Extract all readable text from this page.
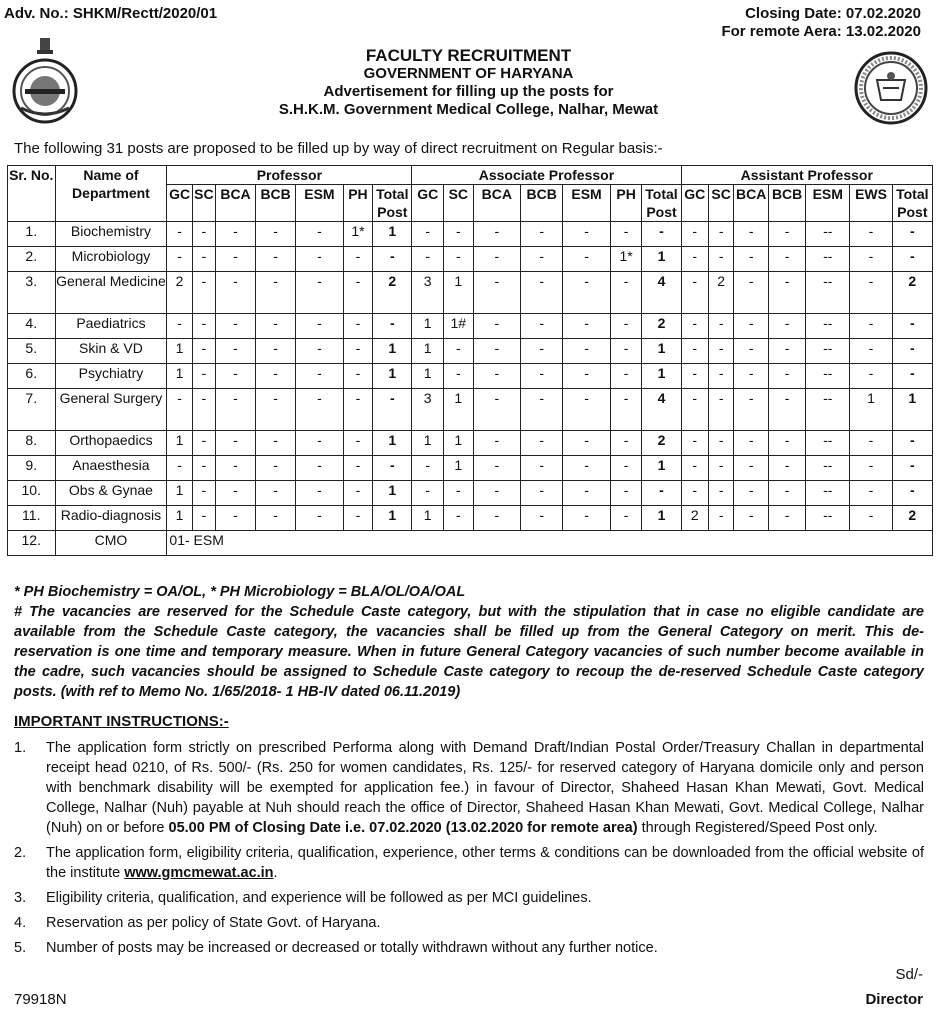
Adv. No.: SHKM/Rectt/2020/01	Closing Date: 07.02.2020
For remote Aera: 13.02.2020
FACULTY RECRUITMENT
GOVERNMENT OF HARYANA
Advertisement for filling up the posts for
S.H.K.M. Government Medical College, Nalhar, Mewat
The following 31 posts are proposed to be filled up by way of direct recruitment on Regular basis:-
Sr. No.	Name of Department	Professor							Associate Professor							Assistant Professor						
		GC	SC	BCA	BCB	ESM	PH	Total Post	GC	SC	BCA	BCB	ESM	PH	Total Post	GC	SC	BCA	BCB	ESM	EWS	Total Post
1.	Biochemistry	-	-	-	-	-	1*	1	-	-	-	-	-	-	-	-	-	-	-	--	-	-
2.	Microbiology	-	-	-	-	-	-	-	-	-	-	-	-	1*	1	-	-	-	-	--	-	-
3.	General Medicine	2	-	-	-	-	-	2	3	1	-	-	-	-	4	-	2	-	-	--	-	2
4.	Paediatrics	-	-	-	-	-	-	-	1	1#	-	-	-	-	2	-	-	-	-	--	-	-
5.	Skin & VD	1	-	-	-	-	-	1	1	-	-	-	-	-	1	-	-	-	-	--	-	-
6.	Psychiatry	1	-	-	-	-	-	1	1	-	-	-	-	-	1	-	-	-	-	--	-	-
7.	General Surgery	-	-	-	-	-	-	-	3	1	-	-	-	-	4	-	-	-	-	--	1	1
8.	Orthopaedics	1	-	-	-	-	-	1	1	1	-	-	-	-	2	-	-	-	-	--	-	-
9.	Anaesthesia	-	-	-	-	-	-	-	-	1	-	-	-	-	1	-	-	-	-	--	-	-
10.	Obs & Gynae	1	-	-	-	-	-	1	-	-	-	-	-	-	-	-	-	-	-	--	-	-
11.	Radio-diagnosis	1	-	-	-	-	-	1	1	-	-	-	-	-	1	2	-	-	-	--	-	2
12.	CMO	01- ESM																				
* PH Biochemistry = OA/OL, * PH Microbiology = BLA/OL/OA/OAL
# The vacancies are reserved for the Schedule Caste category, but with the stipulation that in case no eligible candidate are available from the Schedule Caste category, the vacancies shall be filled up from the General Category on merit. This de-reservation is one time and temporary measure. When in future General Category vacancies of such number become available in the cadre, such vacancies should be assigned to Schedule Caste category to recoup the de-reserved Schedule Caste category posts. (with ref to Memo No. 1/65/2018- 1 HB-IV dated 06.11.2019)
IMPORTANT INSTRUCTIONS:-
1. The application form strictly on prescribed Performa along with Demand Draft/Indian Postal Order/Treasury Challan in departmental receipt head 0210, of Rs. 500/- (Rs. 250 for women candidates, Rs. 125/- for reserved category of Haryana domicile only and person with benchmark disability will be exempted for application fee.) in favour of Director, Shaheed Hasan Khan Mewati, Govt. Medical College, Nalhar (Nuh) payable at Nuh should reach the office of Director, Shaheed Hasan Khan Mewati, Govt. Medical College, Nalhar (Nuh) on or before 05.00 PM of Closing Date i.e. 07.02.2020 (13.02.2020 for remote area) through Registered/Speed Post only.
2. The application form, eligibility criteria, qualification, experience, other terms & conditions can be downloaded from the official website of the institute www.gmcmewat.ac.in.
3. Eligibility criteria, qualification, and experience will be followed as per MCI guidelines.
4. Reservation as per policy of State Govt. of Haryana.
5. Number of posts may be increased or decreased or totally withdrawn without any further notice.
Sd/-
Director
79918N
